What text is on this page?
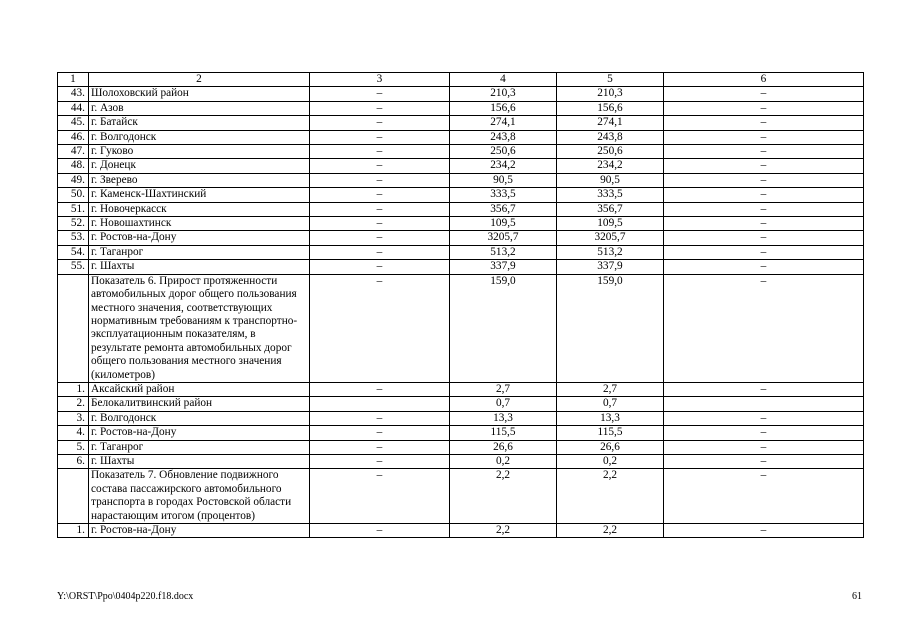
1	2	3	4	5	6
43.	Шолоховский район	–	210,3	210,3	–
44.	г. Азов	–	156,6	156,6	–
45.	г. Батайск	–	274,1	274,1	–
46.	г. Волгодонск	–	243,8	243,8	–
47.	г. Гуково	–	250,6	250,6	–
48.	г. Донецк	–	234,2	234,2	–
49.	г. Зверево	–	90,5	90,5	–
50.	г. Каменск-Шахтинский	–	333,5	333,5	–
51.	г. Новочеркасск	–	356,7	356,7	–
52.	г. Новошахтинск	–	109,5	109,5	–
53.	г. Ростов-на-Дону	–	3205,7	3205,7	–
54.	г. Таганрог	–	513,2	513,2	–
55.	г. Шахты	–	337,9	337,9	–
	Показатель 6. Прирост протяженности автомобильных дорог общего пользования местного значения, соответствующих нормативным требованиям к транспортно-эксплуатационным показателям, в результате ремонта автомобильных дорог общего пользования местного значения (километров)	–	159,0	159,0	–
1.	Аксайский район	–	2,7	2,7	–
2.	Белокалитвинский район		0,7	0,7	
3.	г. Волгодонск	–	13,3	13,3	–
4.	г. Ростов-на-Дону	–	115,5	115,5	–
5.	г. Таганрог	–	26,6	26,6	–
6.	г. Шахты	–	0,2	0,2	–
	Показатель 7. Обновление подвижного состава пассажирского автомобильного транспорта в городах Ростовской области нарастающим итогом (процентов)	–	2,2	2,2	–
1.	г. Ростов-на-Дону	–	2,2	2,2	–
Y:\ORST\Ppo\0404p220.f18.docx	61
